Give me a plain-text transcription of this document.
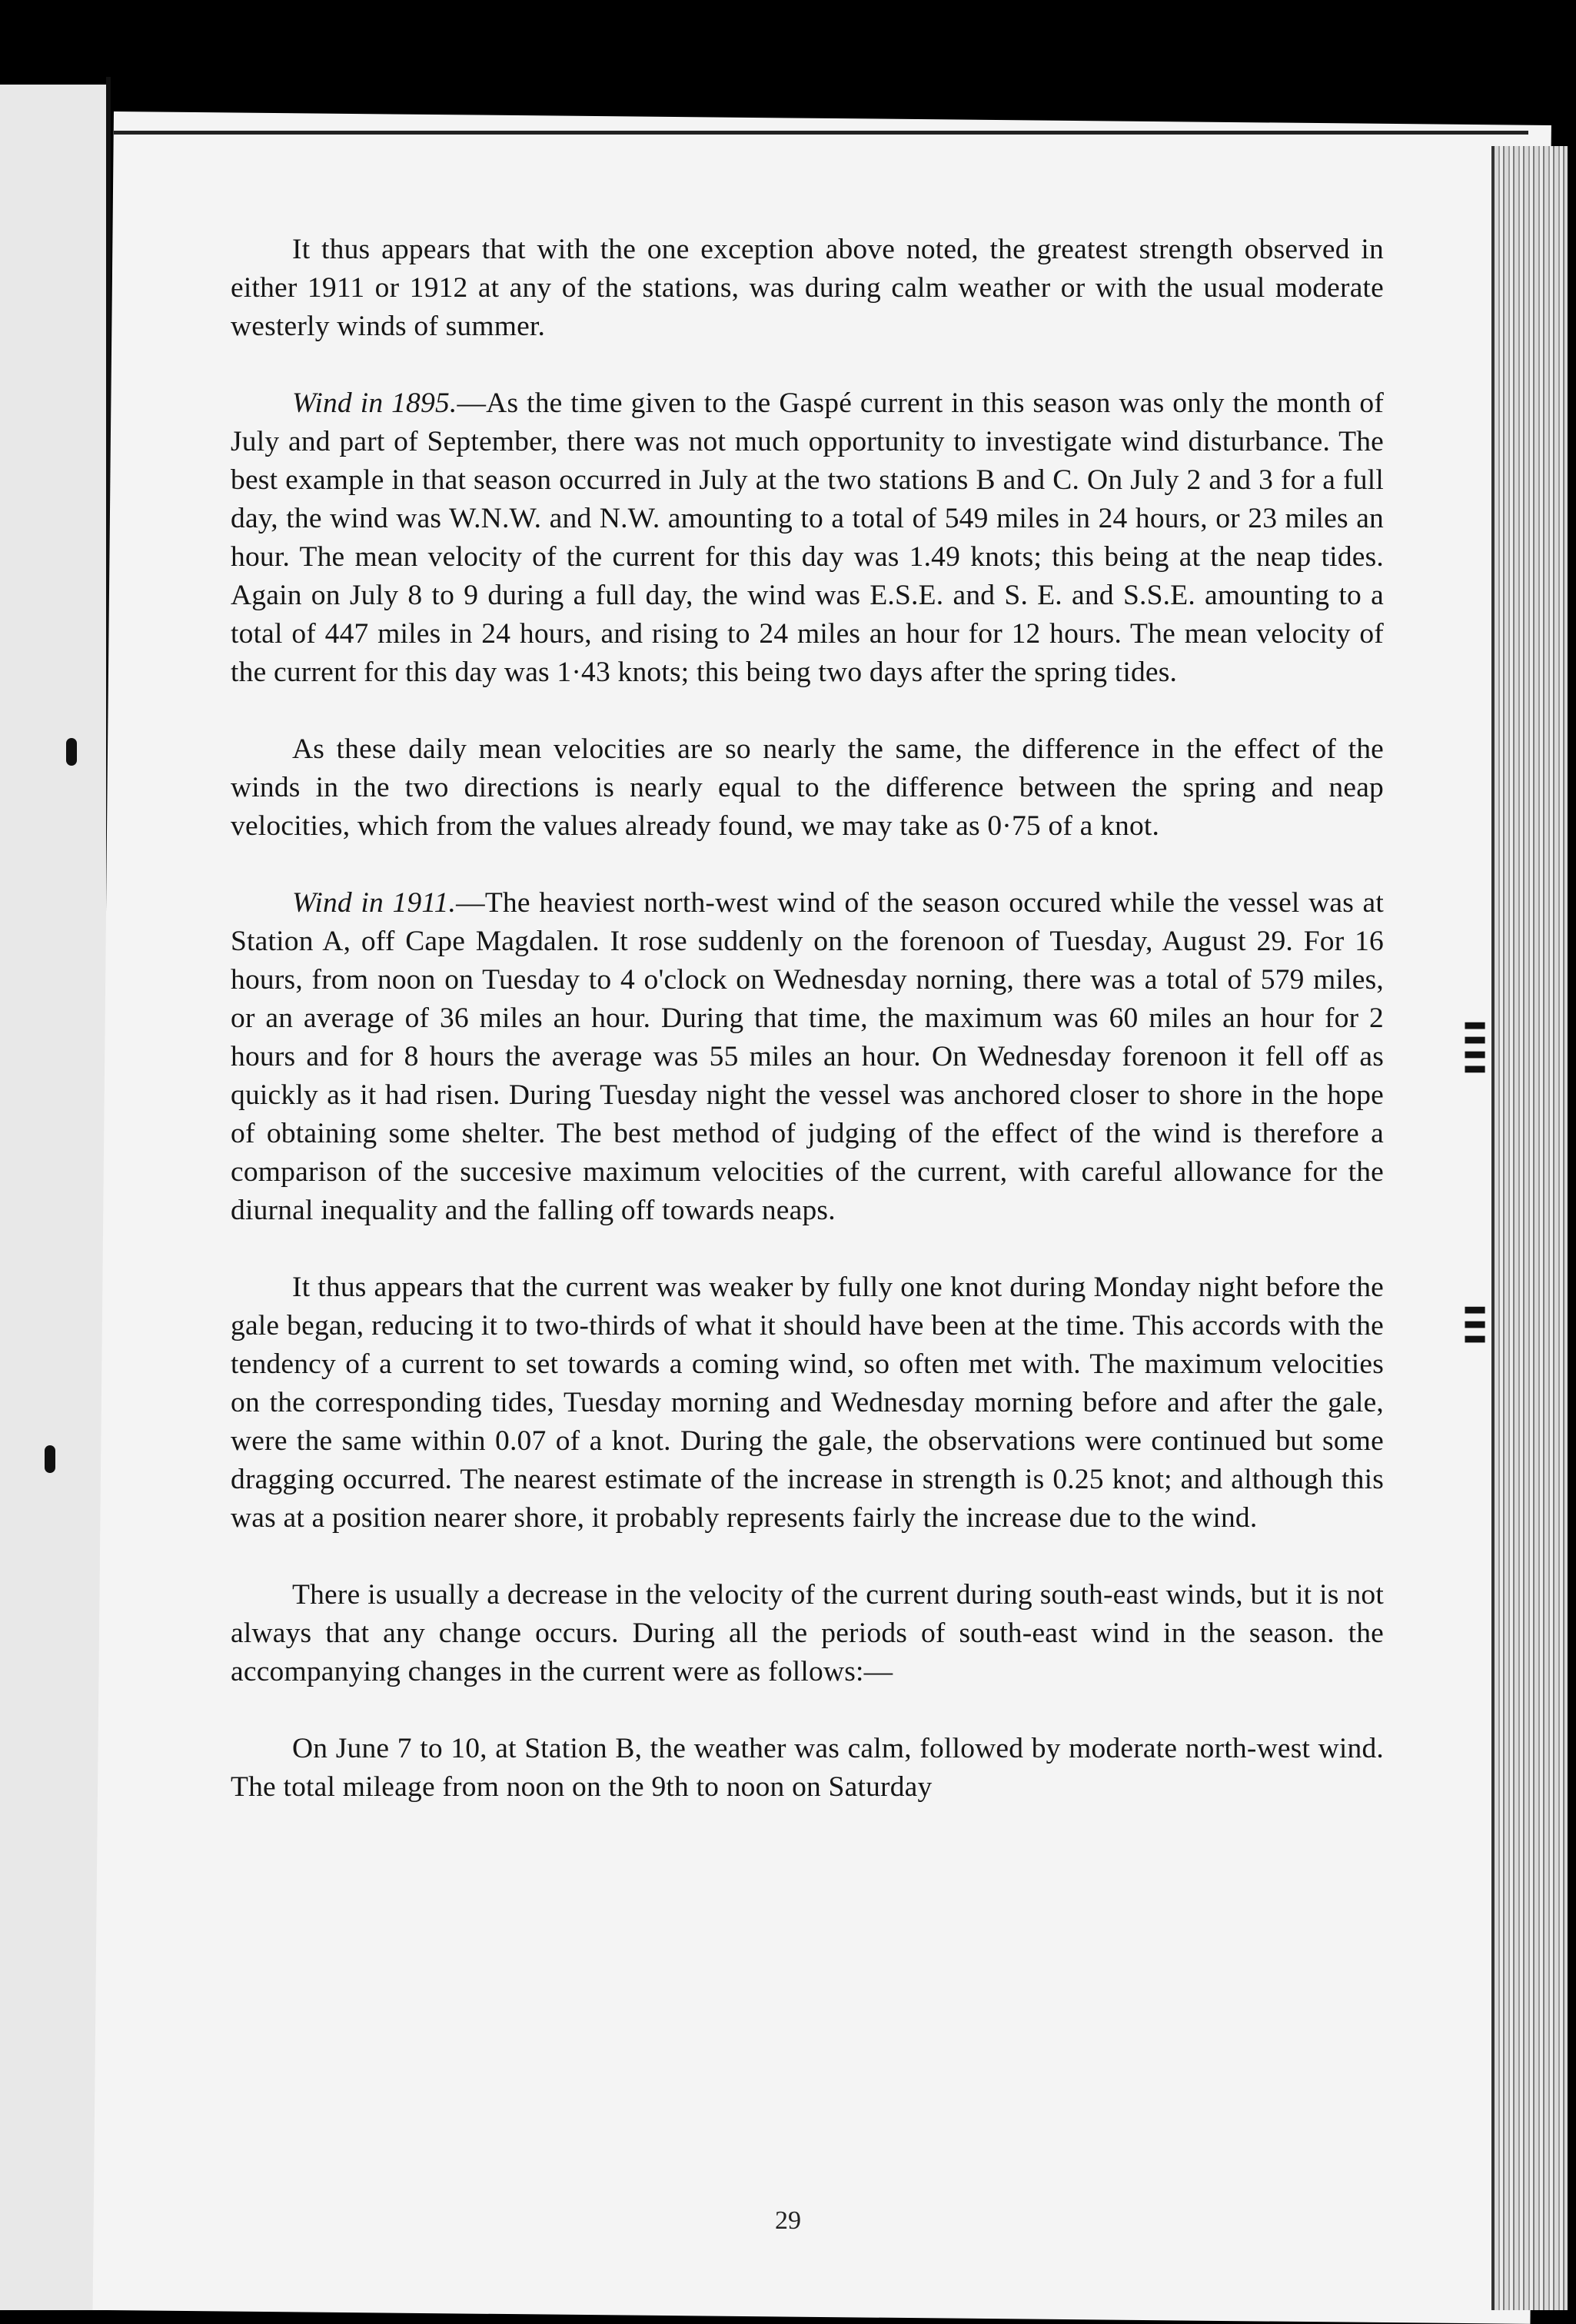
▌▌▌▌
▌▌▌

It thus appears that with the one exception above noted, the greatest strength observed in either 1911 or 1912 at any of the stations, was during calm weather or with the usual moderate westerly winds of summer.

Wind in 1895.—As the time given to the Gaspé current in this season was only the month of July and part of September, there was not much opportunity to investigate wind disturbance. The best example in that season occurred in July at the two stations B and C. On July 2 and 3 for a full day, the wind was W.N.W. and N.W. amounting to a total of 549 miles in 24 hours, or 23 miles an hour. The mean velocity of the current for this day was 1.49 knots; this being at the neap tides. Again on July 8 to 9 during a full day, the wind was E.S.E. and S. E. and S.S.E. amounting to a total of 447 miles in 24 hours, and rising to 24 miles an hour for 12 hours. The mean velocity of the current for this day was 1·43 knots; this being two days after the spring tides.

As these daily mean velocities are so nearly the same, the difference in the effect of the winds in the two directions is nearly equal to the difference between the spring and neap velocities, which from the values already found, we may take as 0·75 of a knot.

Wind in 1911.—The heaviest north-west wind of the season occured while the vessel was at Station A, off Cape Magdalen. It rose suddenly on the forenoon of Tuesday, August 29. For 16 hours, from noon on Tuesday to 4 o'clock on Wednesday norning, there was a total of 579 miles, or an average of 36 miles an hour. During that time, the maximum was 60 miles an hour for 2 hours and for 8 hours the average was 55 miles an hour. On Wednesday forenoon it fell off as quickly as it had risen. During Tuesday night the vessel was anchored closer to shore in the hope of obtaining some shelter. The best method of judging of the effect of the wind is therefore a comparison of the succesive maximum velocities of the current, with careful allowance for the diurnal inequality and the falling off towards neaps.

It thus appears that the current was weaker by fully one knot during Monday night before the gale began, reducing it to two-thirds of what it should have been at the time. This accords with the tendency of a current to set towards a coming wind, so often met with. The maximum velocities on the corresponding tides, Tuesday morning and Wednesday morning before and after the gale, were the same within 0.07 of a knot. During the gale, the observations were continued but some dragging occurred. The nearest estimate of the increase in strength is 0.25 knot; and although this was at a position nearer shore, it probably represents fairly the increase due to the wind.

There is usually a decrease in the velocity of the current during south-east winds, but it is not always that any change occurs. During all the periods of south-east wind in the season. the accompanying changes in the current were as follows:—

On June 7 to 10, at Station B, the weather was calm, followed by moderate north-west wind. The total mileage from noon on the 9th to noon on Saturday

29
